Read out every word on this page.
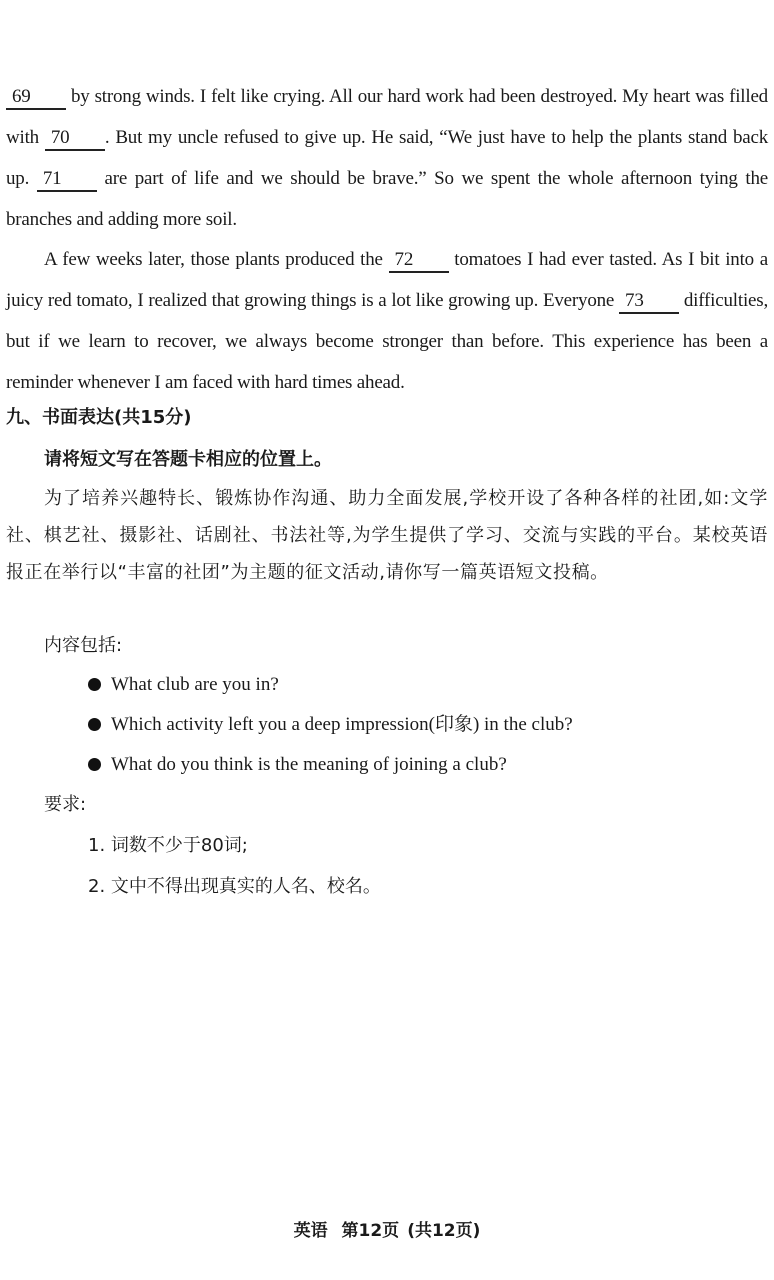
69 by strong winds. I felt like crying. All our hard work had been destroyed. My heart was filled with 70 . But my uncle refused to give up. He said, “We just have to help the plants stand back up. 71 are part of life and we should be brave.” So we spent the whole afternoon tying the branches and adding more soil.
A few weeks later, those plants produced the 72 tomatoes I had ever tasted. As I bit into a juicy red tomato, I realized that growing things is a lot like growing up. Everyone 73 difficulties, but if we learn to recover, we always become stronger than before. This experience has been a reminder whenever I am faced with hard times ahead.
九、书面表达(共15分)
请将短文写在答题卡相应的位置上。
为了培养兴趣特长、锻炼协作沟通、助力全面发展,学校开设了各种各样的社团,如:文学社、棋艺社、摄影社、话剧社、书法社等,为学生提供了学习、交流与实践的平台。某校英语报正在举行以“丰富的社团”为主题的征文活动,请你写一篇英语短文投稿。
内容包括:
What club are you in?
Which activity left you a deep impression(印象) in the club?
What do you think is the meaning of joining a club?
要求:
1. 词数不少于80词;
2. 文中不得出现真实的人名、校名。
英语 第12页 (共12页)
